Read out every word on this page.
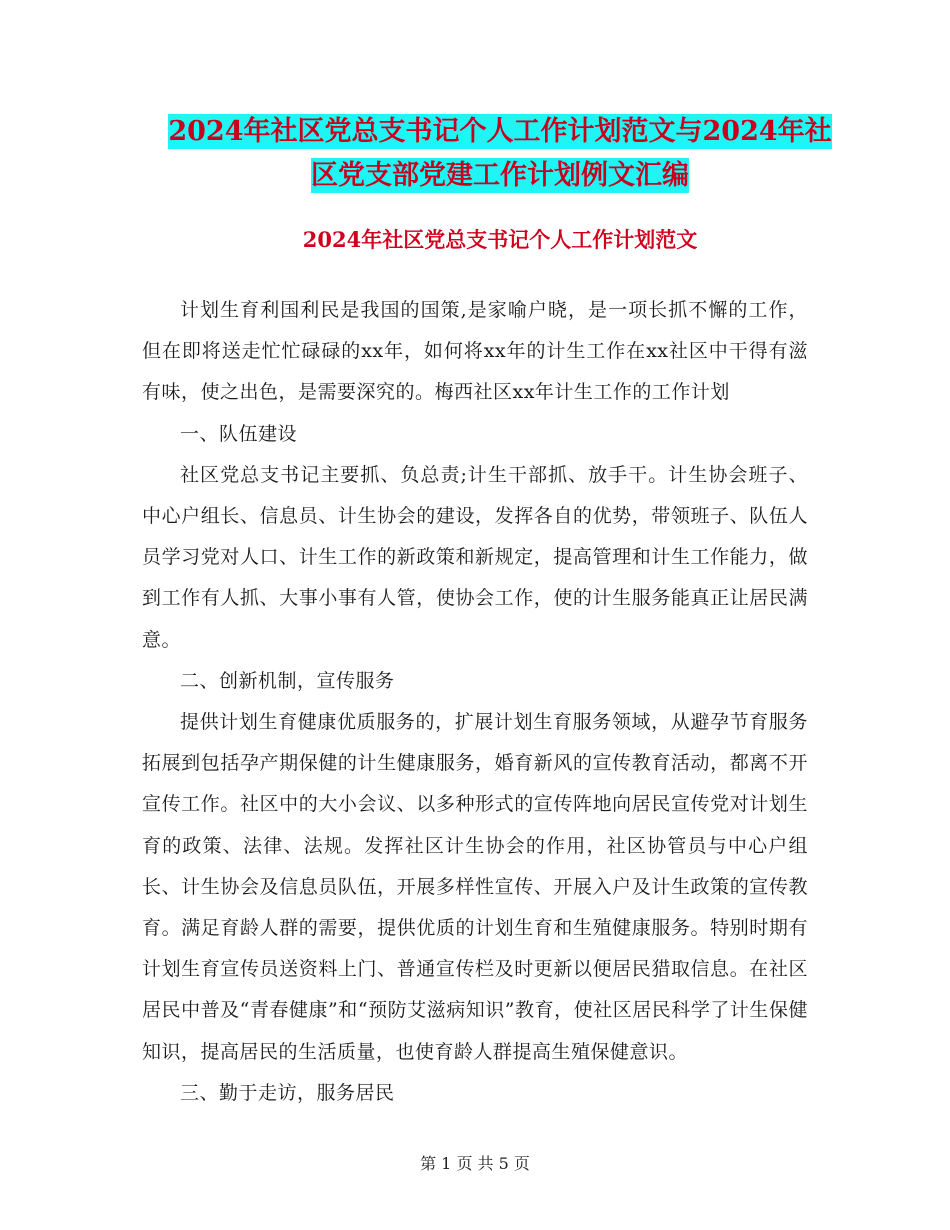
2024年社区党总支书记个人工作计划范文与2024年社
区党支部党建工作计划例文汇编
2024年社区党总支书记个人工作计划范文

计划生育利国利民是我国的国策,是家喻户晓，是一项长抓不懈的工作，但在即将送走忙忙碌碌的xx年，如何将xx年的计生工作在xx社区中干得有滋有味，使之出色，是需要深究的。梅西社区xx年计生工作的工作计划

一、队伍建设

社区党总支书记主要抓、负总责;计生干部抓、放手干。计生协会班子、中心户组长、信息员、计生协会的建设，发挥各自的优势，带领班子、队伍人员学习党对人口、计生工作的新政策和新规定，提高管理和计生工作能力，做到工作有人抓、大事小事有人管，使协会工作，使的计生服务能真正让居民满意。

二、创新机制，宣传服务

提供计划生育健康优质服务的，扩展计划生育服务领域，从避孕节育服务拓展到包括孕产期保健的计生健康服务，婚育新风的宣传教育活动，都离不开宣传工作。社区中的大小会议、以多种形式的宣传阵地向居民宣传党对计划生育的政策、法律、法规。发挥社区计生协会的作用，社区协管员与中心户组长、计生协会及信息员队伍，开展多样性宣传、开展入户及计生政策的宣传教育。满足育龄人群的需要，提供优质的计划生育和生殖健康服务。特别时期有计划生育宣传员送资料上门、普通宣传栏及时更新以便居民猎取信息。在社区居民中普及“青春健康”和“预防艾滋病知识”教育，使社区居民科学了计生保健知识，提高居民的生活质量，也使育龄人群提高生殖保健意识。

三、勤于走访，服务居民

第 1 页 共 5 页
